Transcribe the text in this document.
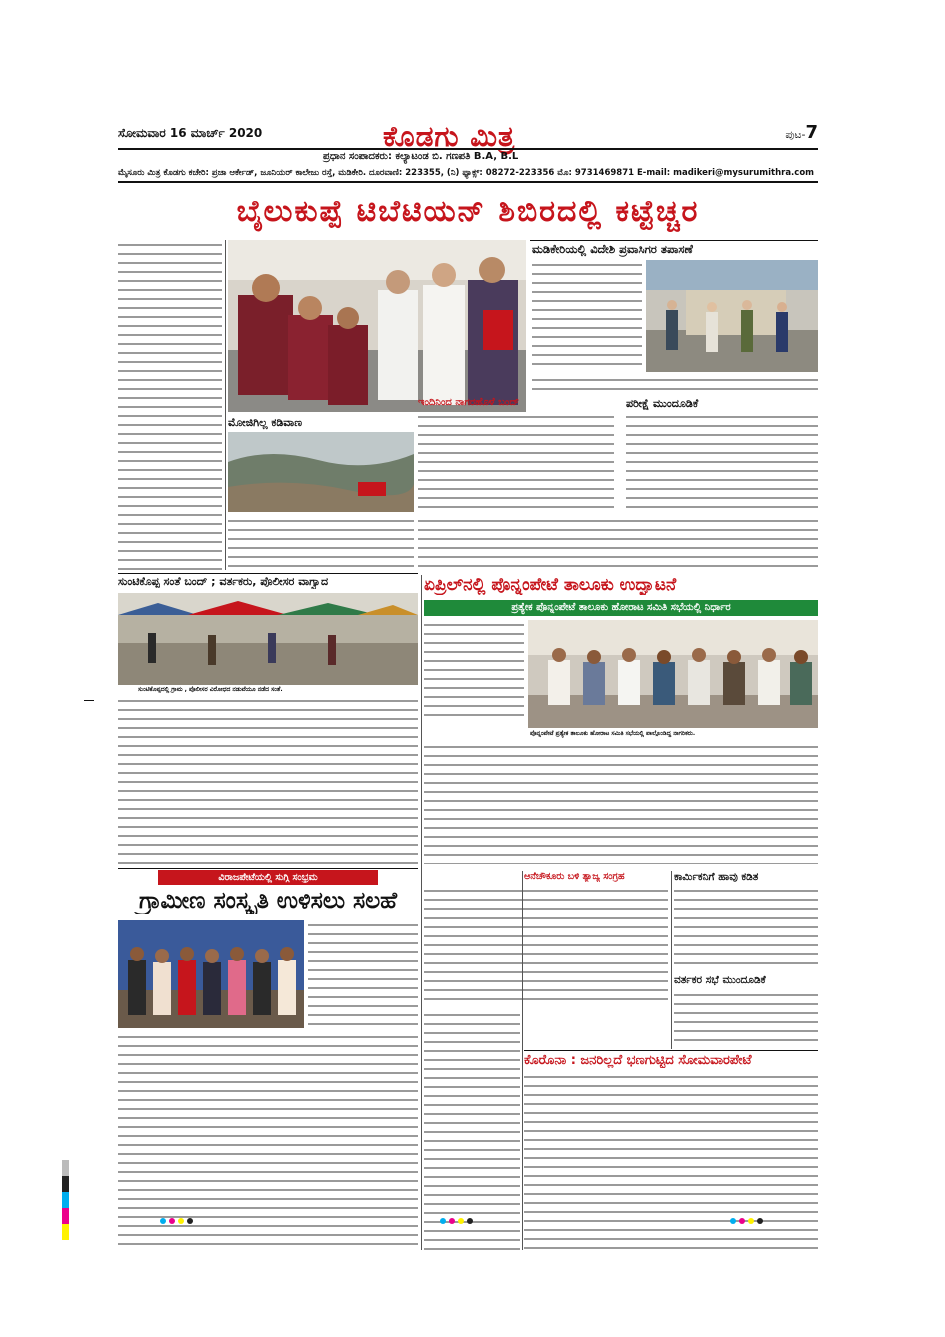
ಸೋಮವಾರ 16 ಮಾರ್ಚ್ 2020	ಕೊಡಗು ಮಿತ್ರ	ಪುಟ-7
ಪ್ರಧಾನ ಸಂಪಾದಕರು: ಕಲ್ಯಾಟಂಡ ಬಿ. ಗಣಪತಿ B.A, B.L
ಮೈಸೂರು ಮಿತ್ರ ಕೊಡಗು ಕಚೇರಿ: ಪ್ರಜಾ ಆರ್ಕೇಡ್, ಜೂನಿಯರ್ ಕಾಲೇಜು ರಸ್ತೆ, ಮಡಿಕೇರಿ. ದೂರವಾಣಿ: 223355, (ನಿ) ಫ್ಯಾಕ್ಸ್: 08272-223356 ಮೊ: 9731469871 E-mail: madikeri@mysurumithra.com
ಬೈಲುಕುಪ್ಪೆ ಟಿಬೆಟಿಯನ್ ಶಿಬಿರದಲ್ಲಿ ಕಟ್ಟೆಚ್ಚರ
ಮಡಿಕೇರಿಯಲ್ಲಿ ವಿದೇಶಿ ಪ್ರವಾಸಿಗರ ತಪಾಸಣೆ
ಇಂದಿನಿಂದ ನಾಗರಹೊಳೆ ಬಂದ್	ಪರೀಕ್ಷೆ ಮುಂದೂಡಿಕೆ
ಮೋಜಿಗಿಲ್ಲ ಕಡಿವಾಣ
ಸುಂಟಿಕೊಪ್ಪ ಸಂತೆ ಬಂದ್ ; ವರ್ತಕರು, ಪೊಲೀಸರ ವಾಗ್ವಾದ
ಸುಂಟಿಕೊಪ್ಪದಲ್ಲಿ ಗ್ರಾಮ , ಪೊಲೀಸರ ವಿರೋಧದ ನಡುವೆಯೂ ನಡೆದ ಸಂತೆ.
ಏಪ್ರಿಲ್‌ನಲ್ಲಿ ಪೊನ್ನಂಪೇಟೆ ತಾಲೂಕು ಉದ್ಘಾಟನೆ
ಪ್ರತ್ಯೇಕ ಪೊನ್ನಂಪೇಟೆ ತಾಲೂಕು ಹೋರಾಟ ಸಮಿತಿ ಸಭೆಯಲ್ಲಿ ನಿರ್ಧಾರ
ಪೊನ್ನಂಪೇಟೆ ಪ್ರತ್ಯೇಕ ತಾಲೂಕು ಹೋರಾಟ ಸಮಿತಿ ಸಭೆಯಲ್ಲಿ ಪಾಲ್ಗೊಂಡಿದ್ದ ನಾಗರಿಕರು.
ವಿರಾಜಪೇಟೆಯಲ್ಲಿ ಸುಗ್ಗಿ ಸಂಭ್ರಮ
ಗ್ರಾಮೀಣ ಸಂಸ್ಕೃತಿ ಉಳಿಸಲು ಸಲಹೆ
ಆನೆಚೌಕೂರು ಬಳಿ ತ್ಯಾಜ್ಯ ಸಂಗ್ರಹ	ಕಾರ್ಮಿಕನಿಗೆ ಹಾವು ಕಡಿತ
ವರ್ತಕರ ಸಭೆ ಮುಂದೂಡಿಕೆ
ಕೊರೊನಾ : ಜನರಿಲ್ಲದೆ ಭಣಗುಟ್ಟಿದ ಸೋಮವಾರಪೇಟೆ
